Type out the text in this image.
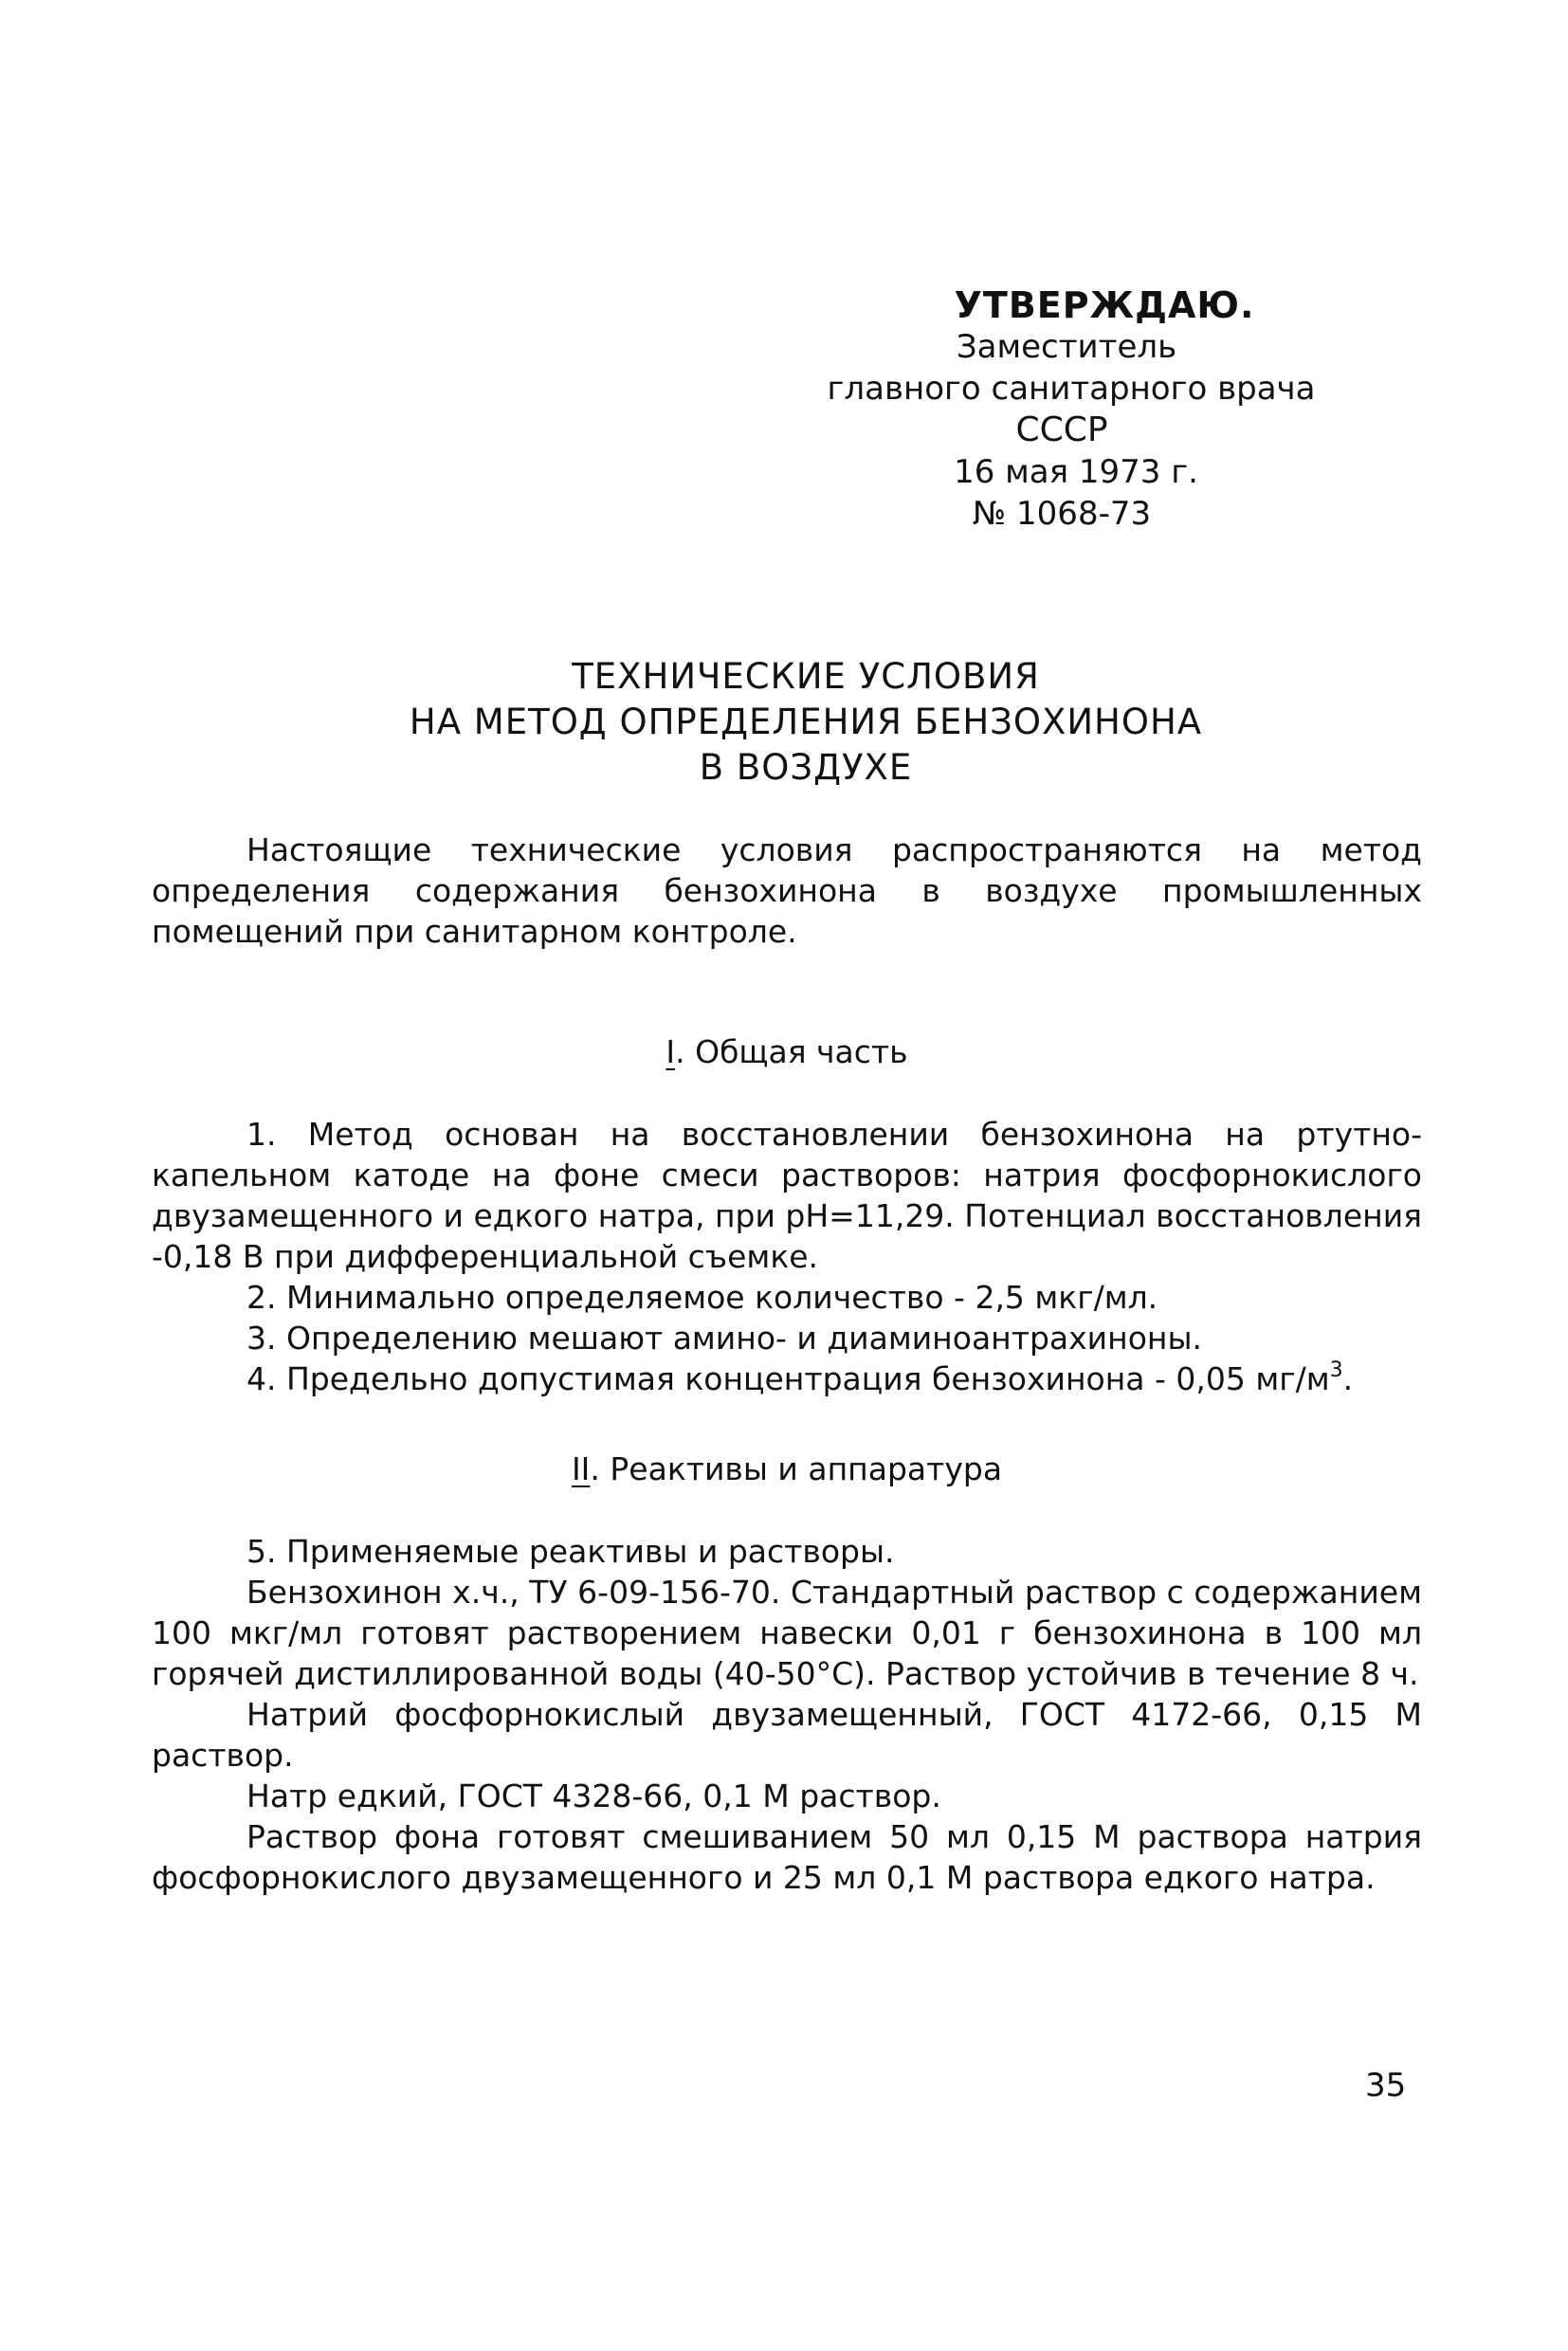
УТВЕРЖДАЮ.
Заместитель
главного санитарного врача
СССР
16 мая 1973 г.
№ 1068-73
ТЕХНИЧЕСКИЕ УСЛОВИЯ
НА МЕТОД ОПРЕДЕЛЕНИЯ БЕНЗОХИНОНА
В ВОЗДУХЕ
Настоящие технические условия распространяются на метод определения содержания бензохинона в воздухе промышленных помещений при санитарном контроле.
I. Общая часть
1. Метод основан на восстановлении бензохинона на ртутно-капельном катоде на фоне смеси растворов: натрия фосфорнокислого двузамещенного и едкого натра, при pH=11,29. Потенциал восстановления -0,18 В при дифференциальной съемке.
2. Минимально определяемое количество - 2,5 мкг/мл.
3. Определению мешают амино- и диаминоантрахиноны.
4. Предельно допустимая концентрация бензохинона - 0,05 $мг/м^3$.
II. Реактивы и аппаратура
5. Применяемые реактивы и растворы.
Бензохинон х.ч., ТУ 6-09-156-70. Стандартный раствор с содержанием 100 мкг/мл готовят растворением навески 0,01 г бензохинона в 100 мл горячей дистиллированной воды (40-50°С). Раствор устойчив в течение 8 ч.
Натрий фосфорнокислый двузамещенный, ГОСТ 4172-66, 0,15 М раствор.
Натр едкий, ГОСТ 4328-66, 0,1 М раствор.
Раствор фона готовят смешиванием 50 мл 0,15 М раствора натрия фосфорнокислого двузамещенного и 25 мл 0,1 М раствора едкого натра.
35
